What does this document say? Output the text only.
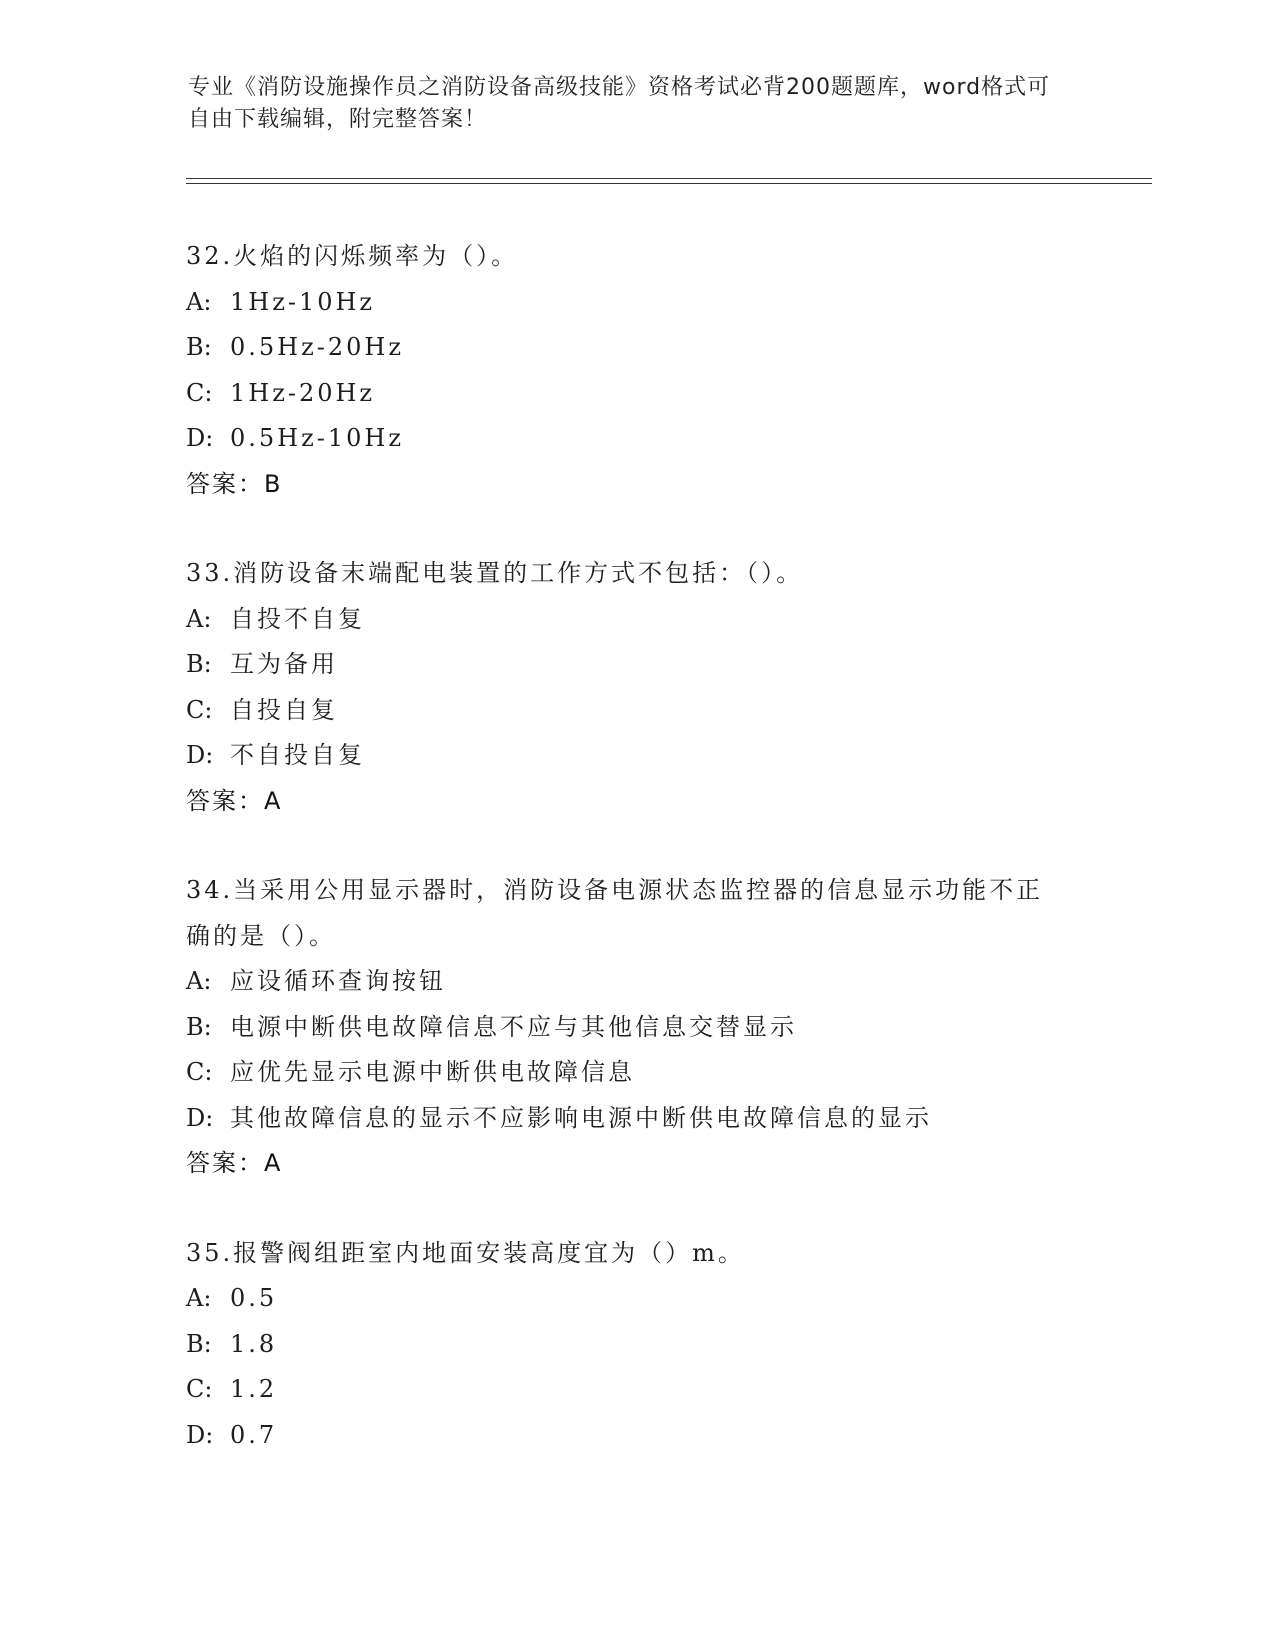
专业《消防设施操作员之消防设备高级技能》资格考试必背200题题库，word格式可自由下载编辑，附完整答案！

32.火焰的闪烁频率为（）。

A: 1Hz-10Hz

B: 0.5Hz-20Hz

C: 1Hz-20Hz

D: 0.5Hz-10Hz

答案：B

33.消防设备末端配电装置的工作方式不包括：（）。

A: 自投不自复

B: 互为备用

C: 自投自复

D: 不自投自复

答案：A

34.当采用公用显示器时，消防设备电源状态监控器的信息显示功能不正确的是（）。

A: 应设循环查询按钮

B: 电源中断供电故障信息不应与其他信息交替显示

C: 应优先显示电源中断供电故障信息

D: 其他故障信息的显示不应影响电源中断供电故障信息的显示

答案：A

35.报警阀组距室内地面安装高度宜为（）m。

A: 0.5

B: 1.8

C: 1.2

D: 0.7
